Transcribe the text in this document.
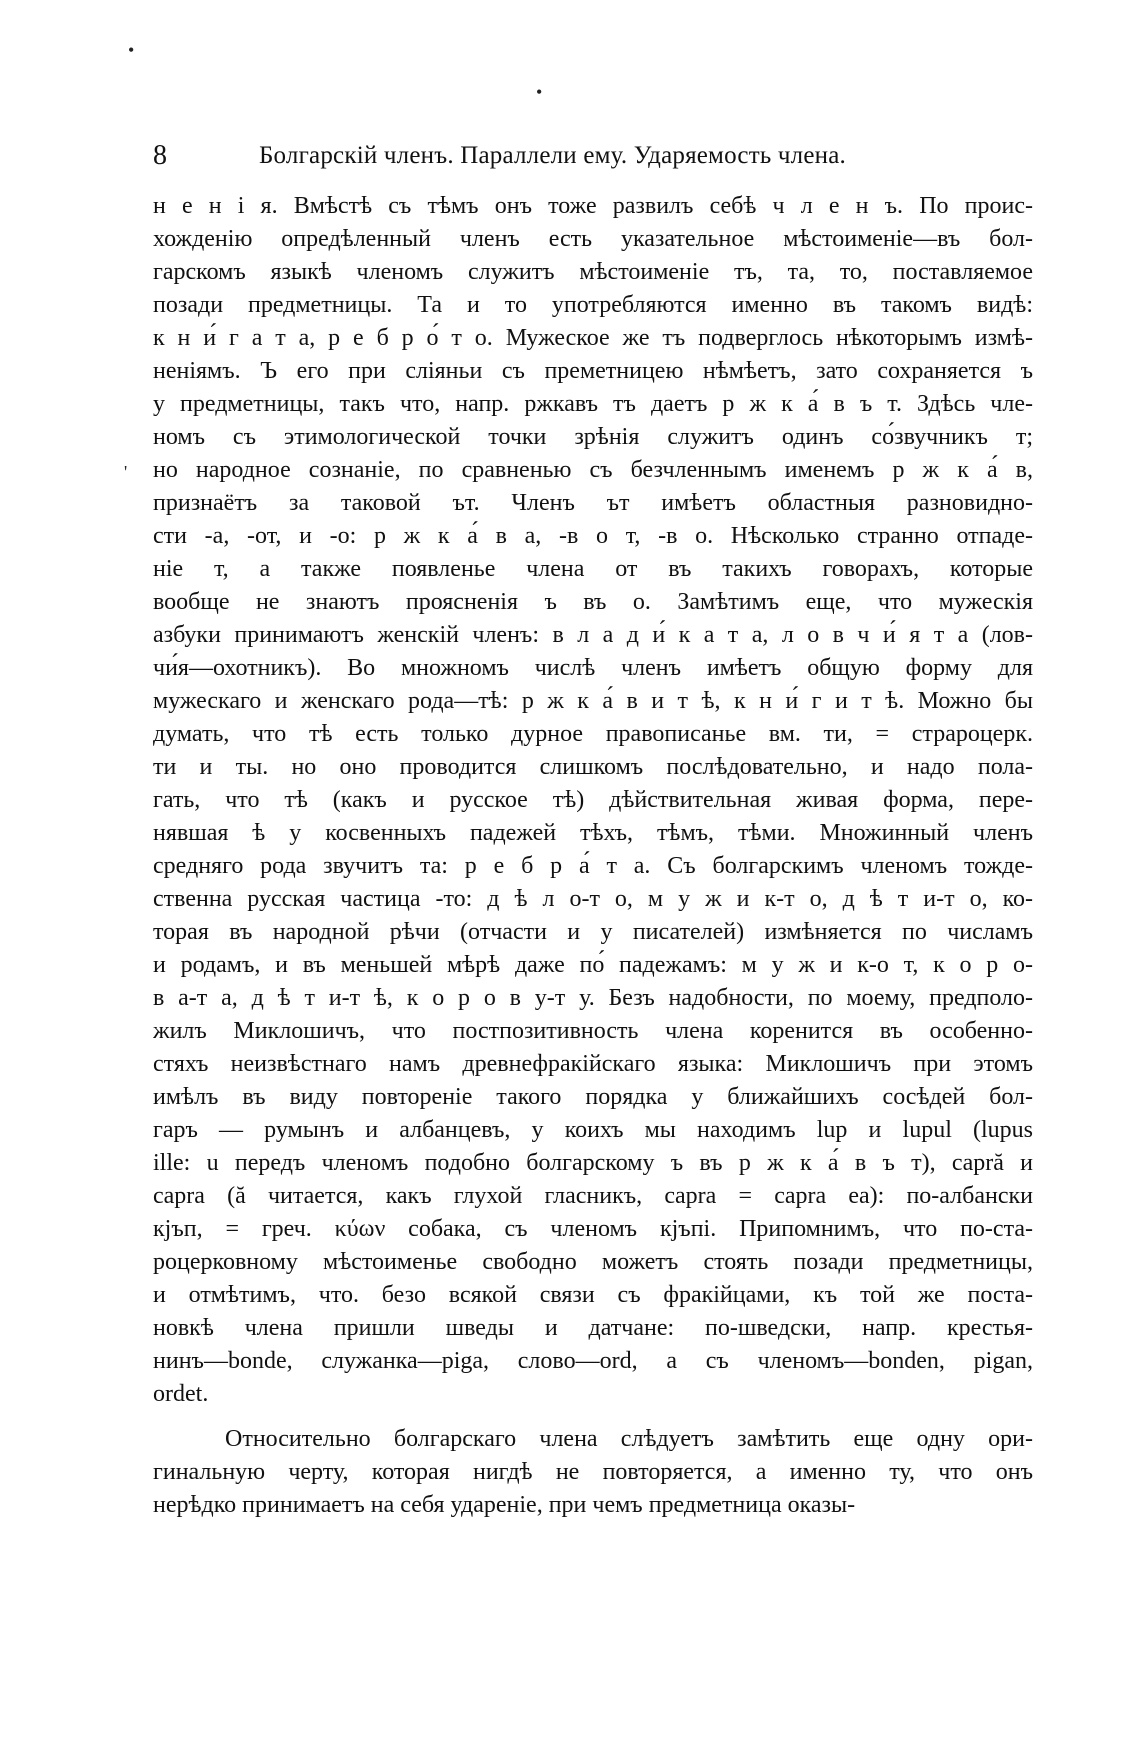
•
•
'
8	Болгарскій членъ. Параллели ему. Ударяемость члена.
н е н і я. Вмѣстѣ съ тѣмъ онъ тоже развилъ себѣ ч л е н ъ. По проис-
хожденію опредѣленный членъ есть указательное мѣстоименіе—въ бол-
гарскомъ языкѣ членомъ служитъ мѣстоименіе тъ, та, то, поставляемое
позади предметницы. Та и то употребляются именно въ такомъ видѣ:
к н и́ г а т а, р е б р о́ т о. Мужеское же тъ подверглось нѣкоторымъ измѣ-
неніямъ. Ъ его при сліяньи съ преметницею нѣмѣетъ, зато сохраняется ъ
у предметницы, такъ что, напр. ржкавъ тъ даетъ р ж к а́ в ъ т. Здѣсь чле-
номъ съ этимологической точки зрѣнія служитъ одинъ со́звучникъ т;
но народное сознаніе, по сравненью съ безчленнымъ именемъ р ж к а́ в,
признаётъ за таковой ът. Членъ ът имѣетъ областныя разновидно-
сти -а, -от, и -о: р ж к а́ в а, -в о т, -в о. Нѣсколько странно отпаде-
ніе т, а также появленье члена от въ такихъ говорахъ, которые
вообще не знаютъ проясненія ъ въ о. Замѣтимъ еще, что мужескія
азбуки принимаютъ женскій членъ: в л а д и́ к а т а, л о в ч и́ я т а (лов-
чи́я—охотникъ). Во множномъ числѣ членъ имѣетъ общую форму для
мужескаго и женскаго рода—тѣ: р ж к а́ в и т ѣ, к н и́ г и т ѣ. Можно бы
думать, что тѣ есть только дурное правописанье вм. ти, = страроцерк.
ти и ты. но оно проводится слишкомъ послѣдовательно, и надо пола-
гать, что тѣ (какъ и русское тѣ) дѣйствительная живая форма, пере-
нявшая ѣ у косвенныхъ падежей тѣхъ, тѣмъ, тѣми. Множинный членъ
средняго рода звучитъ та: р е б р а́ т а. Съ болгарскимъ членомъ тожде-
ственна русская частица -то: д ѣ л о-т о, м у ж и к-т о, д ѣ т и-т о, ко-
торая въ народной рѣчи (отчасти и у писателей) измѣняется по числамъ
и родамъ, и въ меньшей мѣрѣ даже по́ падежамъ: м у ж и к-о т, к о р о-
в а-т а, д ѣ т и-т ѣ, к о р о в у-т у. Безъ надобности, по моему, предполо-
жилъ Миклошичъ, что постпозитивность члена коренится въ особенно-
стяхъ неизвѣстнаго намъ древнефракійскаго языка: Миклошичъ при этомъ
имѣлъ въ виду повтореніе такого порядка у ближайшихъ сосѣдей бол-
гаръ — румынъ и албанцевъ, у коихъ мы находимъ lup и lupul (lupus
ille: u передъ членомъ подобно болгарскому ъ въ р ж к а́ в ъ т), capră и
capra (ă читается, какъ глухой гласникъ, capra = capra ea): по-албански
кјъп, = греч. κύων собака, съ членомъ кјъпі. Припомнимъ, что по-ста-
роцерковному мѣстоименье свободно можетъ стоять позади предметницы,
и отмѣтимъ, что. безо всякой связи съ фракійцами, къ той же поста-
новкѣ члена пришли шведы и датчане: по-шведски, напр. крестья-
нинъ—bonde, служанка—piga, слово—ord, а съ членомъ—bonden, pigan,
ordet.
Относительно болгарскаго члена слѣдуетъ замѣтить еще одну ори-
гинальную черту, которая нигдѣ не повторяется, а именно ту, что онъ
нерѣдко принимаетъ на себя удареніе, при чемъ предметница оказы-
